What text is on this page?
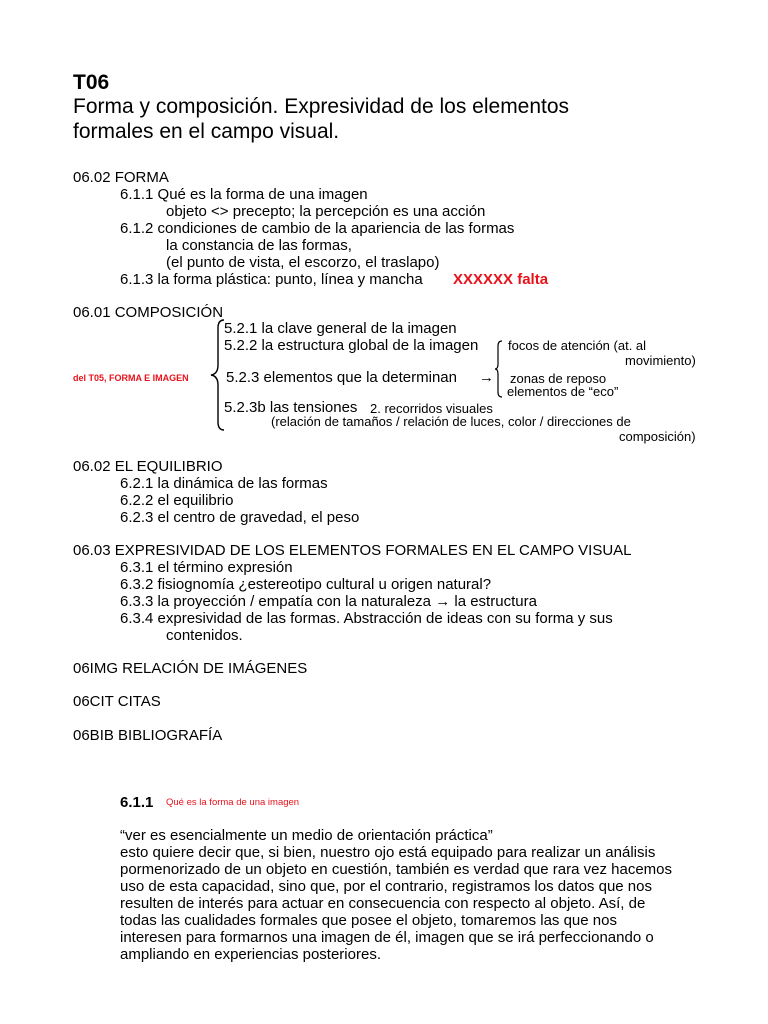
T06
Forma y composición. Expresividad de los elementos
formales en el campo visual.
06.02 FORMA
6.1.1 Qué es la forma de una imagen
objeto <> precepto; la percepción es una acción
6.1.2 condiciones de cambio de la apariencia de las formas
la constancia de las formas,
(el punto de vista, el escorzo, el traslapo)
6.1.3 la forma plástica: punto, línea y mancha XXXXXX falta
06.01 COMPOSICIÓN
del T05, FORMA E IMAGEN
5.2.1 la clave general de la imagen
5.2.2 la estructura global de la imagen
5.2.3 elementos que la determinan →
5.2.3b las tensiones
focos de atención (at. al
movimiento)
zonas de reposo
elementos de “eco”
2. recorridos visuales
(relación de tamaños / relación de luces, color / direcciones de
composición)
06.02 EL EQUILIBRIO
6.2.1 la dinámica de las formas
6.2.2 el equilibrio
6.2.3 el centro de gravedad, el peso
06.03 EXPRESIVIDAD DE LOS ELEMENTOS FORMALES EN EL CAMPO VISUAL
6.3.1 el término expresión
6.3.2 fisiognomía ¿estereotipo cultural u origen natural?
6.3.3 la proyección / empatía con la naturaleza → la estructura
6.3.4 expresividad de las formas. Abstracción de ideas con su forma y sus
contenidos.
06IMG RELACIÓN DE IMÁGENES
06CIT CITAS
06BIB BIBLIOGRAFÍA
6.1.1 Qué es la forma de una imagen
“ver es esencialmente un medio de orientación práctica”
esto quiere decir que, si bien, nuestro ojo está equipado para realizar un análisis
pormenorizado de un objeto en cuestión, también es verdad que rara vez hacemos
uso de esta capacidad, sino que, por el contrario, registramos los datos que nos
resulten de interés para actuar en consecuencia con respecto al objeto. Así, de
todas las cualidades formales que posee el objeto, tomaremos las que nos
interesen para formarnos una imagen de él, imagen que se irá perfeccionando o
ampliando en experiencias posteriores.
